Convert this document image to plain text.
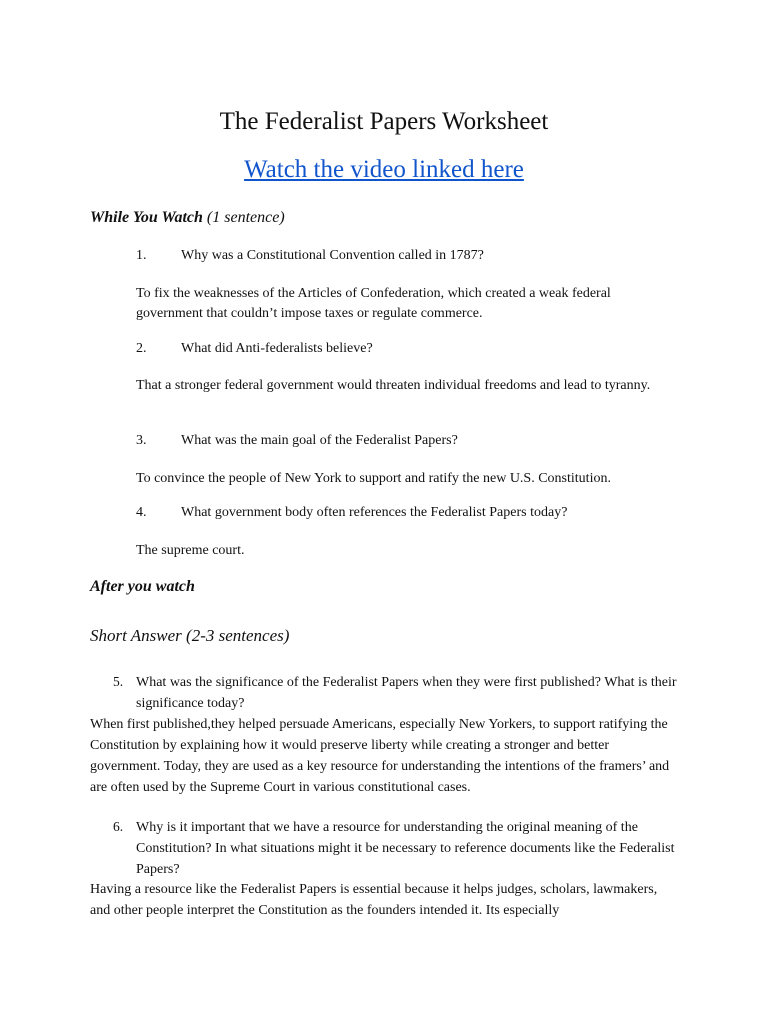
The Federalist Papers Worksheet
Watch the video linked here
While You Watch (1 sentence)
1. Why was a Constitutional Convention called in 1787?
To fix the weaknesses of the Articles of Confederation, which created a weak federal government that couldn’t impose taxes or regulate commerce.
2. What did Anti-federalists believe?
That a stronger federal government would threaten individual freedoms and lead to tyranny.
3. What was the main goal of the Federalist Papers?
To convince the people of New York to support and ratify the new U.S. Constitution.
4. What government body often references the Federalist Papers today?
The supreme court.
After you watch
Short Answer (2-3 sentences)
5. What was the significance of the Federalist Papers when they were first published? What is their significance today?
When first published,they helped persuade Americans, especially New Yorkers, to support ratifying the Constitution by explaining how it would preserve liberty while creating a stronger and better government. Today, they are used as a key resource for understanding the intentions of the framers’ and are often used by the Supreme Court in various constitutional cases.
6. Why is it important that we have a resource for understanding the original meaning of the Constitution? In what situations might it be necessary to reference documents like the Federalist Papers?
Having a resource like the Federalist Papers is essential because it helps judges, scholars, lawmakers, and other people interpret the Constitution as the founders intended it. Its especially
